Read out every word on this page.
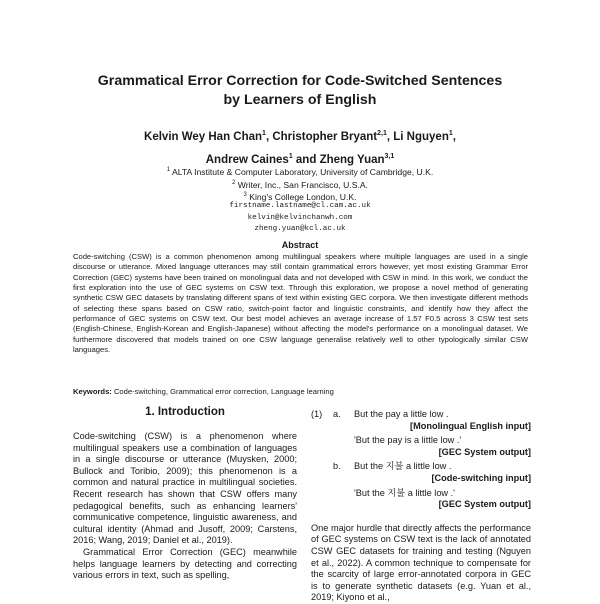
Grammatical Error Correction for Code-Switched Sentences
by Learners of English
Kelvin Wey Han Chan$^1$, Christopher Bryant$^{2,1}$, Li Nguyen$^1$,
Andrew Caines$^1$ and Zheng Yuan$^{3,1}$
$^1$ ALTA Institute & Computer Laboratory, University of Cambridge, U.K.
$^2$ Writer, Inc., San Francisco, U.S.A.
$^3$ King's College London, U.K.
firstname.lastname@cl.cam.ac.uk
kelvin@kelvinchanwh.com
zheng.yuan@kcl.ac.uk
Abstract
Code-switching (CSW) is a common phenomenon among multilingual speakers where multiple languages are used in a single discourse or utterance. Mixed language utterances may still contain grammatical errors however, yet most existing Grammar Error Correction (GEC) systems have been trained on monolingual data and not developed with CSW in mind. In this work, we conduct the first exploration into the use of GEC systems on CSW text. Through this exploration, we propose a novel method of generating synthetic CSW GEC datasets by translating different spans of text within existing GEC corpora. We then investigate different methods of selecting these spans based on CSW ratio, switch-point factor and linguistic constraints, and identify how they affect the performance of GEC systems on CSW text. Our best model achieves an average increase of 1.57 F0.5 across 3 CSW test sets (English-Chinese, English-Korean and English-Japanese) without affecting the model's performance on a monolingual dataset. We furthermore discovered that models trained on one CSW language generalise relatively well to other typologically similar CSW languages.
Keywords: Code-switching, Grammatical error correction, Language learning
1. Introduction

Code-switching (CSW) is a phenomenon where multilingual speakers use a combination of languages in a single discourse or utterance (Muysken, 2000; Bullock and Toribio, 2009); this phenomenon is a common and natural practice in multilingual societies. Recent research has shown that CSW offers many pedagogical benefits, such as enhancing learners' communicative competence, linguistic awareness, and cultural identity (Ahmad and Jusoff, 2009; Carstens, 2016; Wang, 2019; Daniel et al., 2019).

Grammatical Error Correction (GEC) meanwhile helps language learners by detecting and correcting various errors in text, such as spelling,

(1) a. But the pay a little low .
[Monolingual English input]
'But the pay is a little low .'
[GEC System output]
b. But the 지불 a little low .
[Code-switching input]
'But the 지불 a little low .'
[GEC System output]

One major hurdle that directly affects the performance of GEC systems on CSW text is the lack of annotated CSW GEC datasets for training and testing (Nguyen et al., 2022). A common technique to compensate for the scarcity of large error-annotated corpora in GEC is to generate synthetic datasets (e.g. Yuan et al., 2019; Kiyono et al.,
